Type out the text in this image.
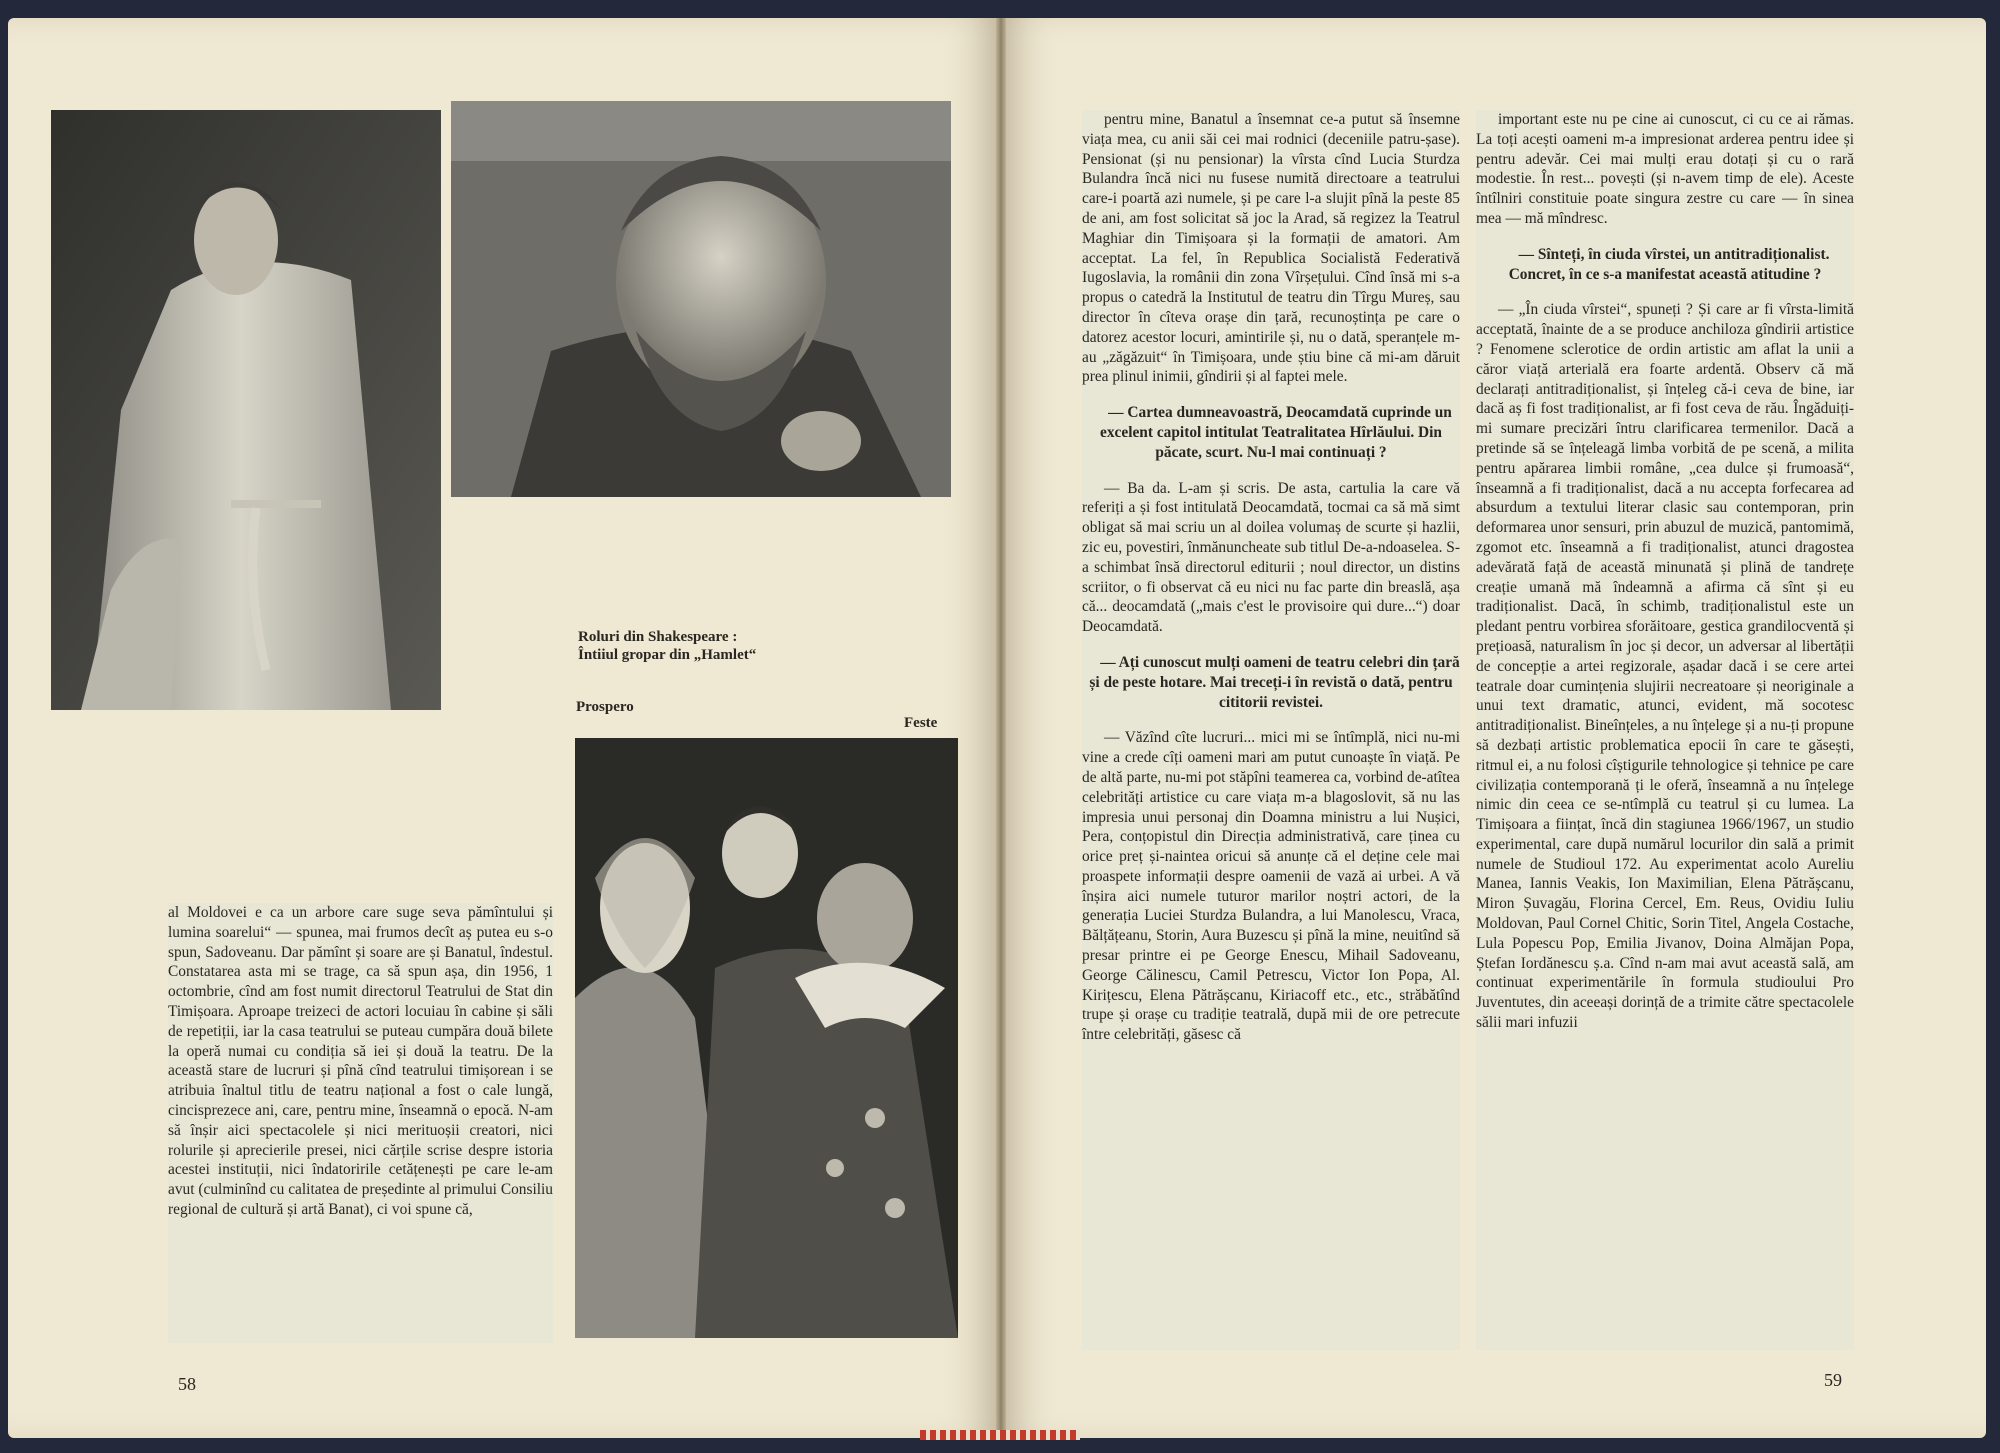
Roluri din Shakespeare :
Întiiul gropar din „Hamlet“
Prospero
Feste

al Moldovei e ca un arbore care suge seva pămîntului și lumina soarelui“ — spunea, mai frumos decît aș putea eu s-o spun, Sadoveanu. Dar pămînt și soare are și Banatul, îndestul. Constatarea asta mi se trage, ca să spun așa, din 1956, 1 octombrie, cînd am fost numit directorul Teatrului de Stat din Timișoara. Aproape treizeci de actori locuiau în cabine și săli de repetiții, iar la casa teatrului se puteau cumpăra două bilete la operă numai cu condiția să iei și două la teatru. De la această stare de lucruri și pînă cînd teatrului timișorean i se atribuia înaltul titlu de teatru național a fost o cale lungă, cincisprezece ani, care, pentru mine, înseamnă o epocă. N-am să înșir aici spectacolele și nici merituoșii creatori, nici rolurile și aprecierile presei, nici cărțile scrise despre istoria acestei instituții, nici îndatoririle cetățenești pe care le-am avut (culminînd cu calitatea de președinte al primului Consiliu regional de cultură și artă Banat), ci voi spune că,

58

pentru mine, Banatul a însemnat ce-a putut să însemne viața mea, cu anii săi cei mai rodnici (deceniile patru-șase). Pensionat (și nu pensionar) la vîrsta cînd Lucia Sturdza Bulandra încă nici nu fusese numită directoare a teatrului care-i poartă azi numele, și pe care l-a slujit pînă la peste 85 de ani, am fost solicitat să joc la Arad, să regizez la Teatrul Maghiar din Timișoara și la formații de amatori. Am acceptat. La fel, în Republica Socialistă Federativă Iugoslavia, la românii din zona Vîrșețului. Cînd însă mi s-a propus o catedră la Institutul de teatru din Tîrgu Mureș, sau director în cîteva orașe din țară, recunoștința pe care o datorez acestor locuri, amintirile și, nu o dată, speranțele m-au „zăgăzuit“ în Timișoara, unde știu bine că mi-am dăruit prea plinul inimii, gîndirii și al faptei mele.

— Cartea dumneavoastră, Deocamdată cuprinde un excelent capitol intitulat Teatralitatea Hîrlăului. Din păcate, scurt. Nu-l mai continuați ?

— Ba da. L-am și scris. De asta, cartulia la care vă referiți a și fost intitulată Deocamdată, tocmai ca să mă simt obligat să mai scriu un al doilea volumaș de scurte și hazlii, zic eu, povestiri, înmănuncheate sub titlul De-a-ndoaselea. S-a schimbat însă directorul editurii ; noul director, un distins scriitor, o fi observat că eu nici nu fac parte din breaslă, așa că... deocamdată („mais c'est le provisoire qui dure...“) doar Deocamdată.

— Ați cunoscut mulți oameni de teatru celebri din țară și de peste hotare. Mai treceți-i în revistă o dată, pentru cititorii revistei.

— Văzînd cîte lucruri... mici mi se întîmplă, nici nu-mi vine a crede cîți oameni mari am putut cunoaște în viață. Pe de altă parte, nu-mi pot stăpîni teamerea ca, vorbind de-atîtea celebrități artistice cu care viața m-a blagoslovit, să nu las impresia unui personaj din Doamna ministru a lui Nușici, Pera, conțopistul din Direcția administrativă, care ținea cu orice preț și-naintea oricui să anunțe că el deține cele mai proaspete informații despre oamenii de vază ai urbei. A vă înșira aici numele tuturor marilor noștri actori, de la generația Luciei Sturdza Bulandra, a lui Manolescu, Vraca, Bălțățeanu, Storin, Aura Buzescu și pînă la mine, neuitînd să presar printre ei pe George Enescu, Mihail Sadoveanu, George Călinescu, Camil Petrescu, Victor Ion Popa, Al. Kirițescu, Elena Pătrășcanu, Kiriacoff etc., etc., străbătînd trupe și orașe cu tradiție teatrală, după mii de ore petrecute între celebrități, găsesc că

important este nu pe cine ai cunoscut, ci cu ce ai rămas. La toți acești oameni m-a impresionat arderea pentru idee și pentru adevăr. Cei mai mulți erau dotați și cu o rară modestie. În rest... povești (și n-avem timp de ele). Aceste întîlniri constituie poate singura zestre cu care — în sinea mea — mă mîndresc.

— Sînteți, în ciuda vîrstei, un antitradiționalist. Concret, în ce s-a manifestat această atitudine ?

— „În ciuda vîrstei“, spuneți ? Și care ar fi vîrsta-limită acceptată, înainte de a se produce anchiloza gîndirii artistice ? Fenomene sclerotice de ordin artistic am aflat la unii a căror viață arterială era foarte ardentă. Observ că mă declarați antitradiționalist, și înțeleg că-i ceva de bine, iar dacă aș fi fost tradiționalist, ar fi fost ceva de rău. Îngăduiți-mi sumare precizări întru clarificarea termenilor. Dacă a pretinde să se înțeleagă limba vorbită de pe scenă, a milita pentru apărarea limbii române, „cea dulce și frumoasă“, înseamnă a fi tradiționalist, dacă a nu accepta forfecarea ad absurdum a textului literar clasic sau contemporan, prin deformarea unor sensuri, prin abuzul de muzică, pantomimă, zgomot etc. înseamnă a fi tradiționalist, atunci dragostea adevărată față de această minunată și plină de tandrețe creație umană mă îndeamnă a afirma că sînt și eu tradiționalist. Dacă, în schimb, tradiționalistul este un pledant pentru vorbirea sforăitoare, gestica grandilocventă și prețioasă, naturalism în joc și decor, un adversar al libertății de concepție a artei regizorale, așadar dacă i se cere artei teatrale doar cumințenia slujirii necreatoare și neoriginale a unui text dramatic, atunci, evident, mă socotesc antitradiționalist. Bineînțeles, a nu înțelege și a nu-ți propune să dezbați artistic problematica epocii în care te găsești, ritmul ei, a nu folosi cîștigurile tehnologice și tehnice pe care civilizația contemporană ți le oferă, înseamnă a nu înțelege nimic din ceea ce se-ntîmplă cu teatrul și cu lumea. La Timișoara a ființat, încă din stagiunea 1966/1967, un studio experimental, care după numărul locurilor din sală a primit numele de Studioul 172. Au experimentat acolo Aureliu Manea, Iannis Veakis, Ion Maximilian, Elena Pătrășcanu, Miron Șuvagău, Florina Cercel, Em. Reus, Ovidiu Iuliu Moldovan, Paul Cornel Chitic, Sorin Titel, Angela Costache, Lula Popescu Pop, Emilia Jivanov, Doina Almăjan Popa, Ștefan Iordănescu ș.a. Cînd n-am mai avut această sală, am continuat experimentările în formula studioului Pro Juventutes, din aceeași dorință de a trimite către spectacolele sălii mari infuzii

59
